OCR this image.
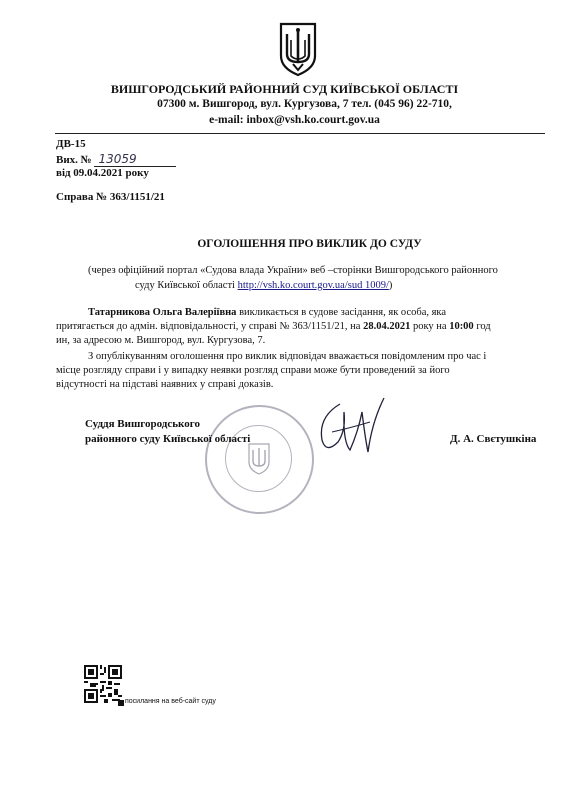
ВИШГОРОДСЬКИЙ РАЙОННИЙ СУД КИЇВСЬКОЇ ОБЛАСТІ
07300 м. Вишгород, вул. Кургузова, 7 тел. (045 96) 22-710,
e-mail: inbox@vsh.ko.court.gov.ua
ДВ-15
Вих. № 13059
від 09.04.2021 року
Справа № 363/1151/21
ОГОЛОШЕННЯ ПРО ВИКЛИК ДО СУДУ
(через офіційний портал «Судова влада України» веб –сторінки Вишгородського районного
суду Київської області http://vsh.ko.court.gov.ua/sud 1009/)
Татарникова Ольга Валеріївна викликається в судове засідання, як особа, яка
притягається до адмін. відповідальності, у справі № 363/1151/21, на 28.04.2021 року на 10:00 год
ин, за адресою м. Вишгород, вул. Кургузова, 7.
З опублікуванням оголошення про виклик відповідач вважається повідомленим про час і
місце розгляду справи і у випадку неявки розгляд справи може бути проведений за його
відсутності на підставі наявних у справі доказів.
Суддя Вишгородського
районного суду Київської області	Д. А. Свєтушкіна
посилання на веб-сайт суду
